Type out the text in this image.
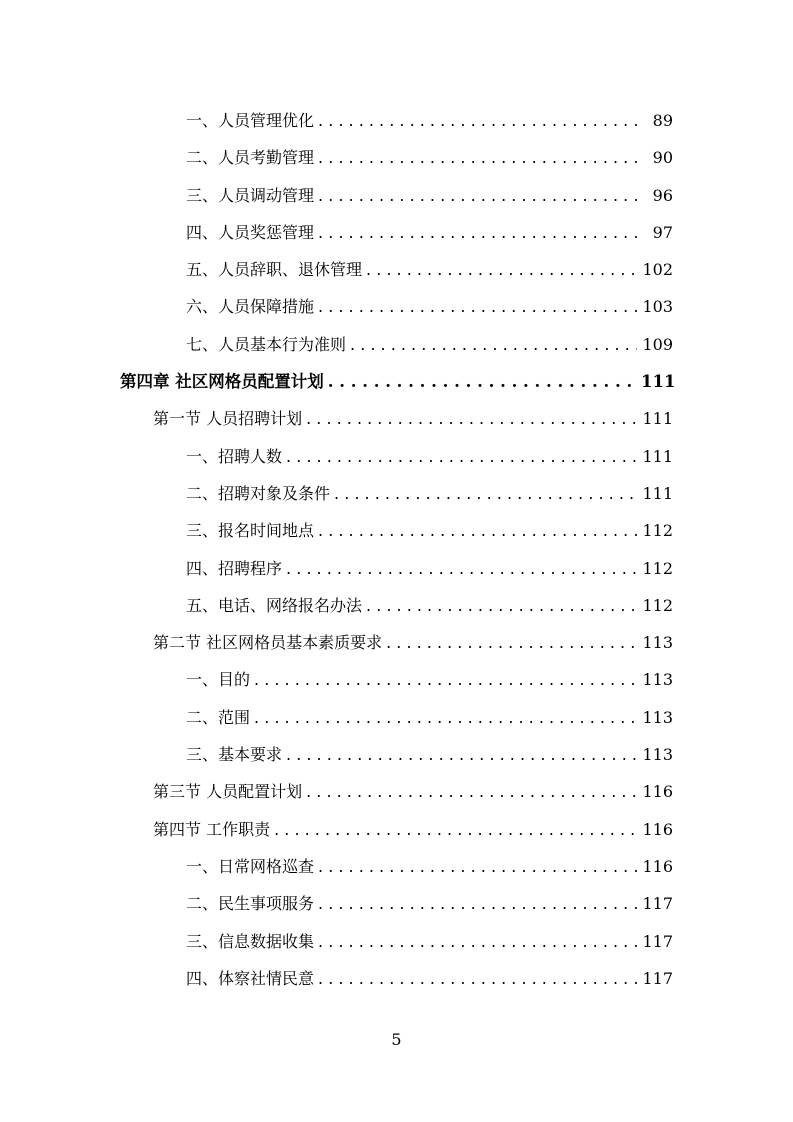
一、人员管理优化 . . .	89
二、人员考勤管理 . . .	90
三、人员调动管理 . . .	96
四、人员奖惩管理 . . .	97
五、人员辞职、退休管理 . . .	102
六、人员保障措施 . . .	103
七、人员基本行为准则 . . .	109
第四章 社区网格员配置计划 . . .	111
第一节 人员招聘计划 . . .	111
一、招聘人数 . . .	111
二、招聘对象及条件 . . .	111
三、报名时间地点 . . .	112
四、招聘程序 . . .	112
五、电话、网络报名办法 . . .	112
第二节 社区网格员基本素质要求 . . .	113
一、目的 . . .	113
二、范围 . . .	113
三、基本要求 . . .	113
第三节 人员配置计划 . . .	116
第四节 工作职责 . . .	116
一、日常网格巡查 . . .	116
二、民生事项服务 . . .	117
三、信息数据收集 . . .	117
四、体察社情民意 . . .	117
5
